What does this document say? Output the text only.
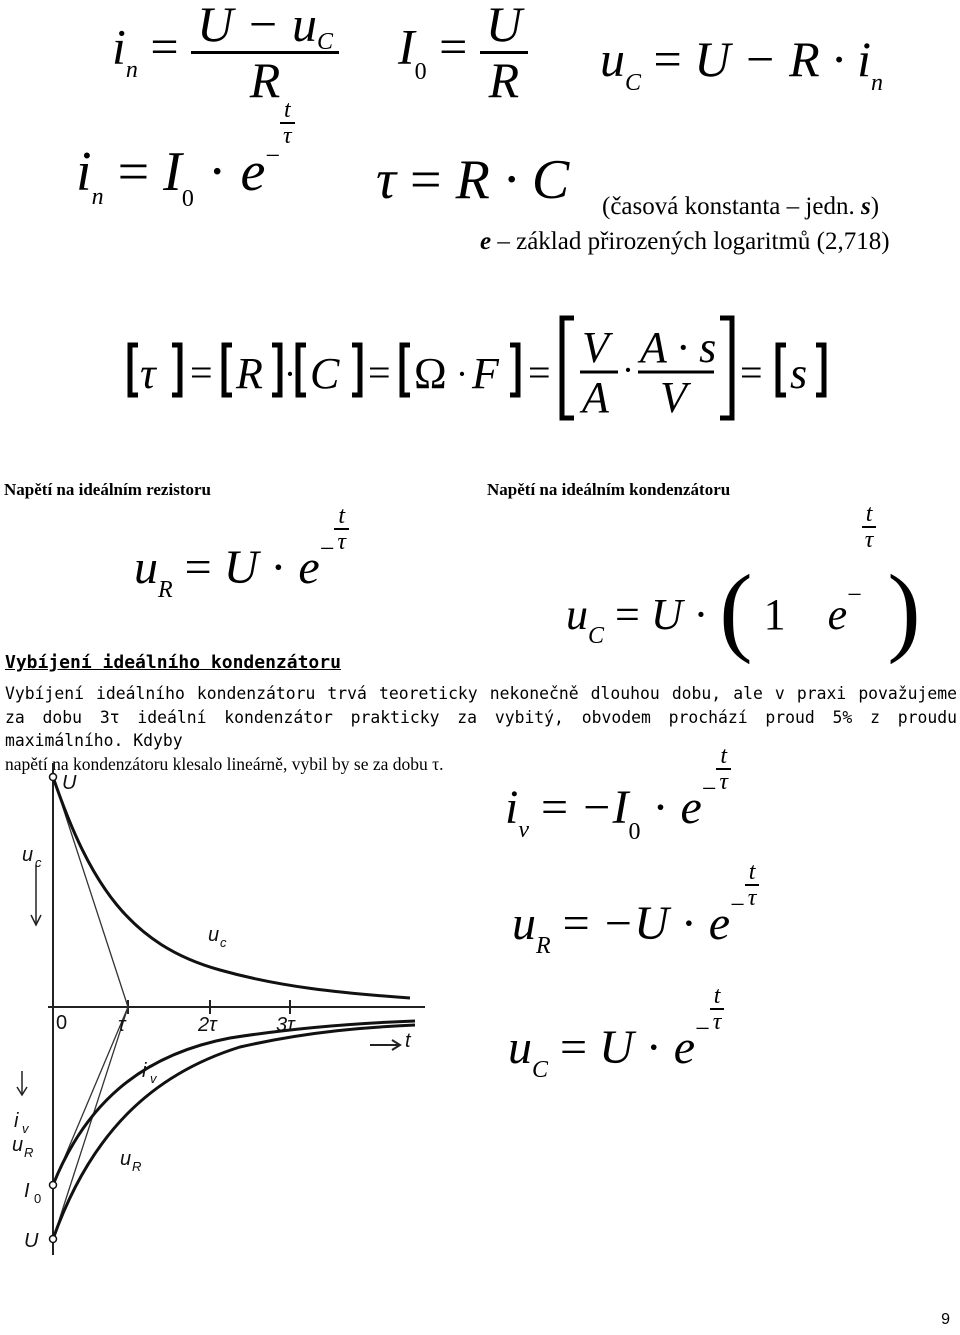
$i_n = \frac{U - uC}{R} I_0 = \frac{U}{R} u_C = U - R \cdot i_n$
$i_n = I_0 \cdot e-$
$\frac{t}{\tau}$
τ = R · C (časová konstanta – jedn. s)
e – základ přirozených logaritmů (2,718)
τ = R · C = Ω · F =
V
A
· A · s
V
= s
Napětí na ideálním rezistoru	Napětí na ideálním kondenzátoru
$u_R = U \cdot e- \frac{t}{\tau}$
$u_C = U$ · ( 1 e−
$\frac{t}{\tau}$
)
Vybíjení ideálního kondenzátoru
Vybíjení ideálního kondenzátoru trvá teoreticky nekonečně dlouhou dobu, ale v praxi považujeme za dobu 3τ ideální kondenzátor prakticky za vybitý, obvodem prochází proud 5% z proudu maximálního. Kdyby
napětí na kondenzátoru klesalo lineárně, vybil by se za dobu τ.
U
u c
u c
0	τ	2τ	3τ
t
i v
u R
i v
u R
I 0
U
$i_v = -I_0 \cdot e- \frac{t}{\tau}$
$u_R = -U \cdot e- \frac{t}{\tau}$
$u_C = U \cdot e- \frac{t}{\tau}$
9
